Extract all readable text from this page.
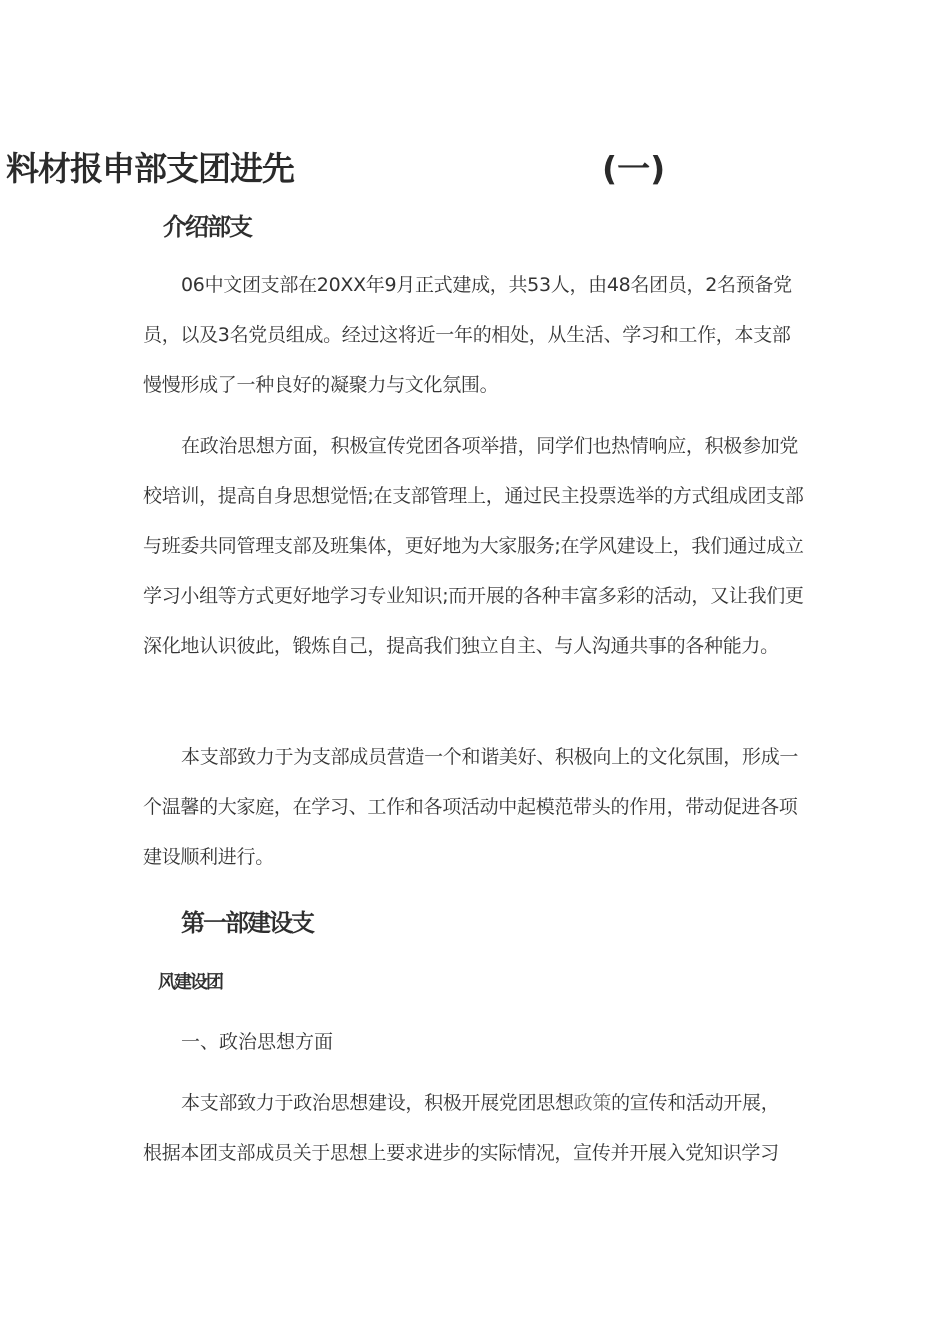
料材报申部支团进先	(一)
介绍部支

06中文团支部在20XX年9月正式建成，共53人，由48名团员，2名预备党员，以及3名党员组成。经过这将近一年的相处，从生活、学习和工作，本支部慢慢形成了一种良好的凝聚力与文化氛围。

在政治思想方面，积极宣传党团各项举措，同学们也热情响应，积极参加党校培训，提高自身思想觉悟;在支部管理上，通过民主投票选举的方式组成团支部与班委共同管理支部及班集体，更好地为大家服务;在学风建设上，我们通过成立学习小组等方式更好地学习专业知识;而开展的各种丰富多彩的活动，又让我们更深化地认识彼此，锻炼自己，提高我们独立自主、与人沟通共事的各种能力。

本支部致力于为支部成员营造一个和谐美好、积极向上的文化氛围，形成一个温馨的大家庭，在学习、工作和各项活动中起模范带头的作用，带动促进各项建设顺利进行。

第一部建设支
风建设团

一、政治思想方面

本支部致力于政治思想建设，积极开展党团思想政策的宣传和活动开展，

根据本团支部成员关于思想上要求进步的实际情况，宣传并开展入党知识学习
